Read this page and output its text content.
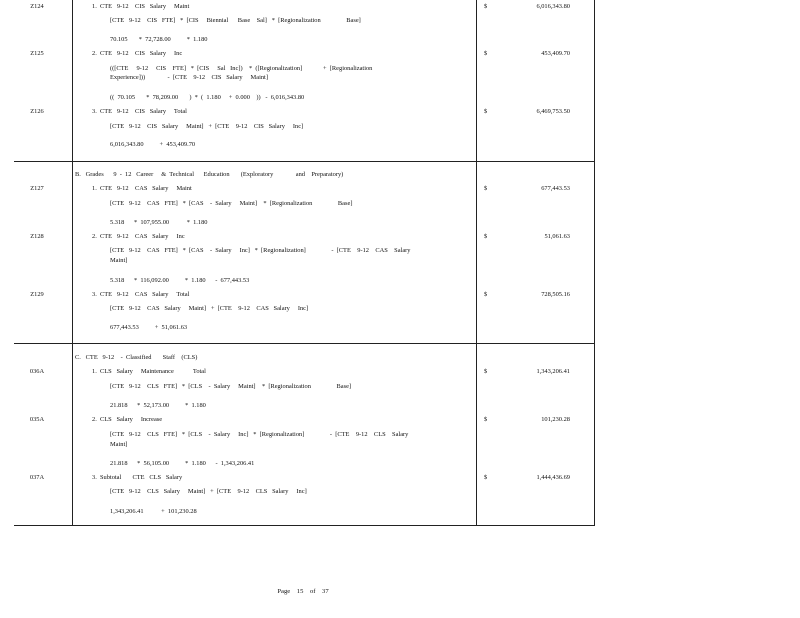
Z124	1.  CTE   9-12    CIS   Salary     Maint
[CTE   9-12    CIS   FTE]   *  [CIS     Biennial      Base    Sal]   *  [Regionalization                Base]
70.105       *  72,728.00          *  1.180
$	6,016,343.80
Z125	2.  CTE   9-12    CIS   Salary     Inc
(([CTE     9-12     CIS    FTE]   *  [CIS     Sal   Inc])    *  ([Regionalization]             +  [Regionalization
Experience]))              -  [CTE    9-12    CIS   Salary     Maint]
((  70.105       *  78,209.00       )  *  (  1.180     +  0.000    ))   -  6,016,343.80
$	453,409.70
Z126	3.  CTE   9-12    CIS   Salary     Total
[CTE   9-12    CIS   Salary     Maint]   +  [CTE    9-12    CIS   Salary     Inc]
6,016,343.80          +  453,409.70
$	6,469,753.50
B.   Grades      9  -  12   Career     &  Technical      Education       (Exploratory              and    Preparatory)
Z127	1.  CTE   9-12    CAS   Salary     Maint
[CTE   9-12    CAS   FTE]   *  [CAS    -  Salary     Maint]    *  [Regionalization                Base]
5.318      *  107,955.00           *  1.180
$	677,443.53
Z128	2.  CTE   9-12    CAS   Salary     Inc
[CTE   9-12    CAS   FTE]   *  [CAS    -  Salary     Inc]   *  [Regionalization]                -  [CTE    9-12    CAS    Salary
Maint]
5.318      *  116,092.00          *  1.180      -  677,443.53
$	51,061.63
Z129	3.  CTE   9-12    CAS   Salary     Total
[CTE   9-12    CAS   Salary     Maint]   +  [CTE    9-12    CAS   Salary     Inc]
677,443.53          +  51,061.63
$	728,505.16
C.   CTE   9-12    -  Classified       Staff    (CLS)
036A	1.  CLS   Salary     Maintenance            Total
[CTE   9-12    CLS   FTE]   *  [CLS    -  Salary     Maint]    *  [Regionalization                Base]
21.818      *  52,173.00          *  1.180
$	1,343,206.41
035A	2.  CLS   Salary     Increase
[CTE   9-12    CLS   FTE]   *  [CLS    -  Salary     Inc]   *  [Regionalization]                -  [CTE    9-12    CLS    Salary
Maint]
21.818      *  56,105.00          *  1.180      -  1,343,206.41
$	101,230.28
037A	3.  Subtotal       CTE   CLS   Salary
[CTE   9-12    CLS   Salary     Maint]   +  [CTE    9-12    CLS   Salary     Inc]
1,343,206.41           +  101,230.28
$	1,444,436.69
Page 15 of 37
